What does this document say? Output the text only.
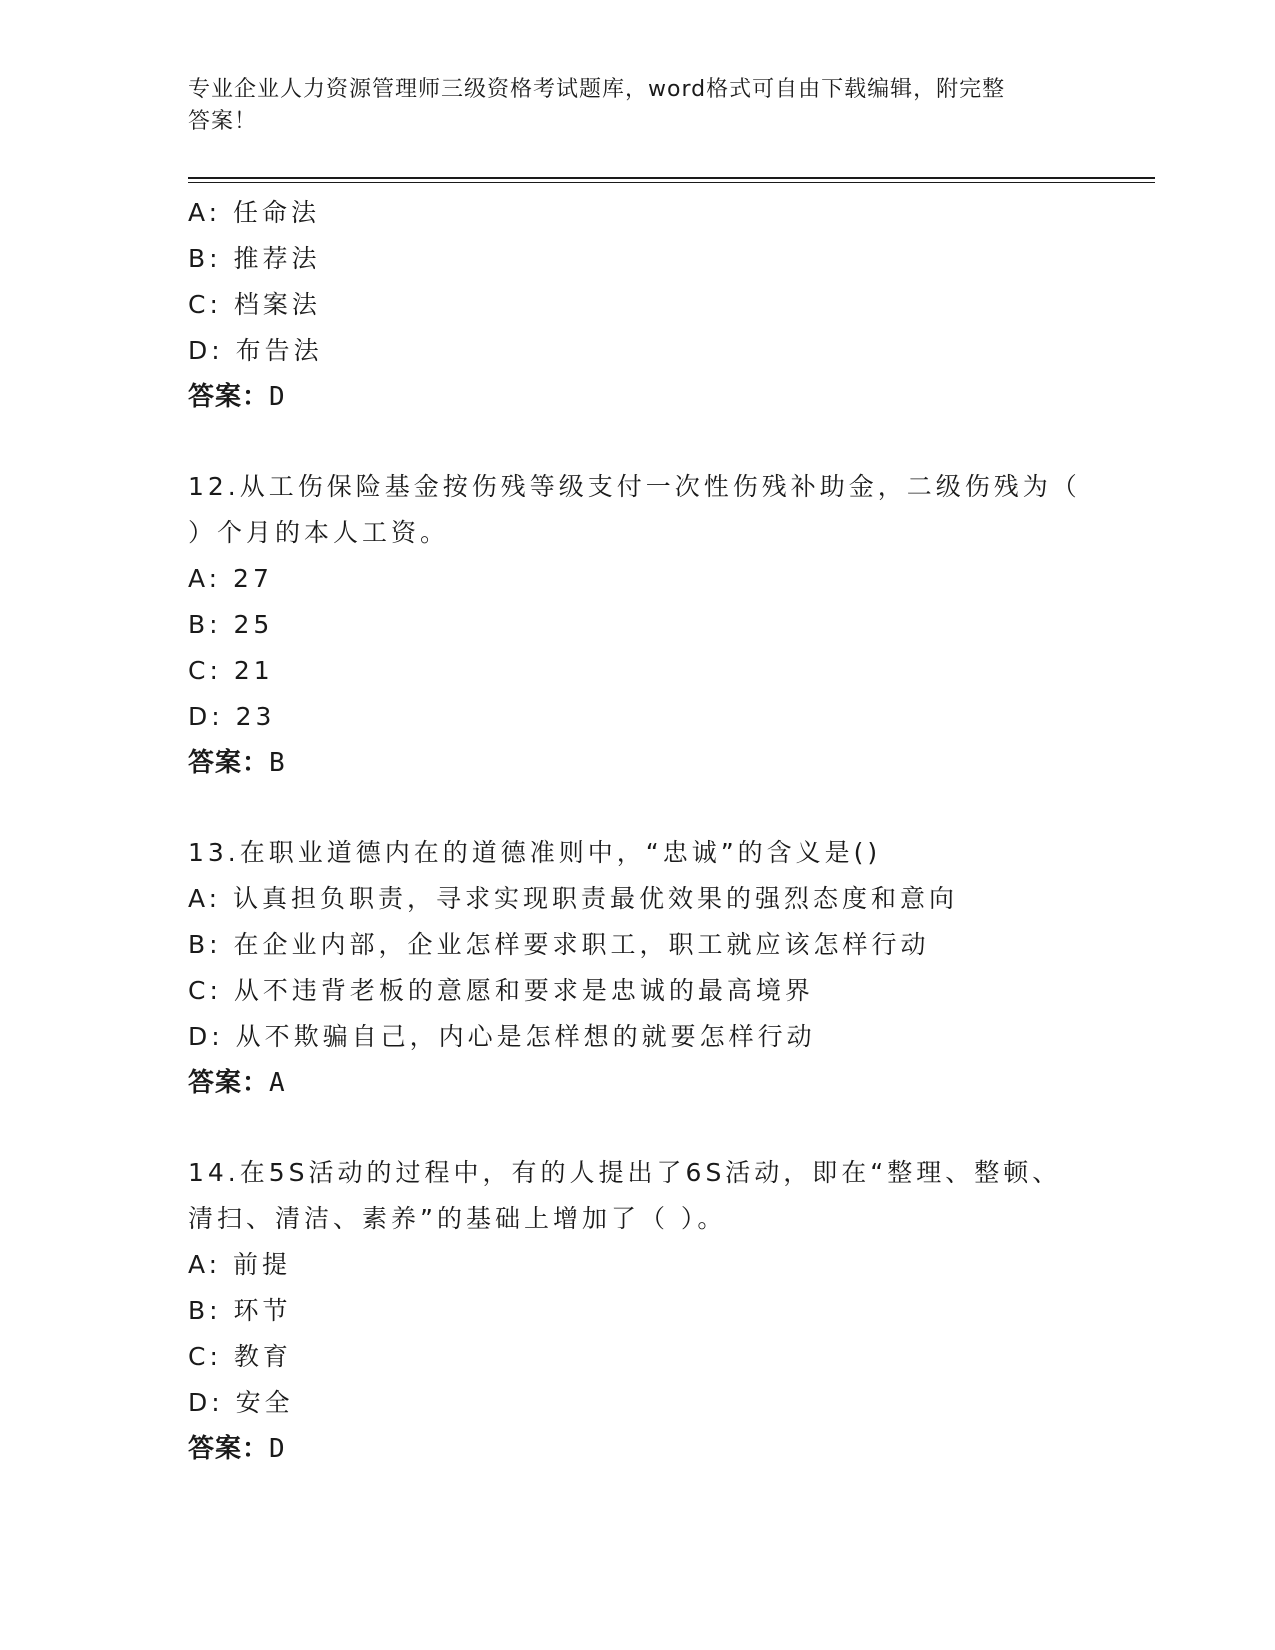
专业企业人力资源管理师三级资格考试题库，word格式可自由下载编辑，附完整
答案！
A: 任命法
B: 推荐法
C: 档案法
D: 布告法
答案：D
12.从工伤保险基金按伤残等级支付一次性伤残补助金，二级伤残为（
）个月的本人工资。
A: 27
B: 25
C: 21
D: 23
答案：B
13.在职业道德内在的道德准则中，“忠诚”的含义是()
A: 认真担负职责，寻求实现职责最优效果的强烈态度和意向
B: 在企业内部，企业怎样要求职工，职工就应该怎样行动
C: 从不违背老板的意愿和要求是忠诚的最高境界
D: 从不欺骗自己，内心是怎样想的就要怎样行动
答案：A
14.在5S活动的过程中，有的人提出了6S活动，即在“整理、整顿、
清扫、清洁、素养”的基础上增加了（ ）。
A: 前提
B: 环节
C: 教育
D: 安全
答案：D
